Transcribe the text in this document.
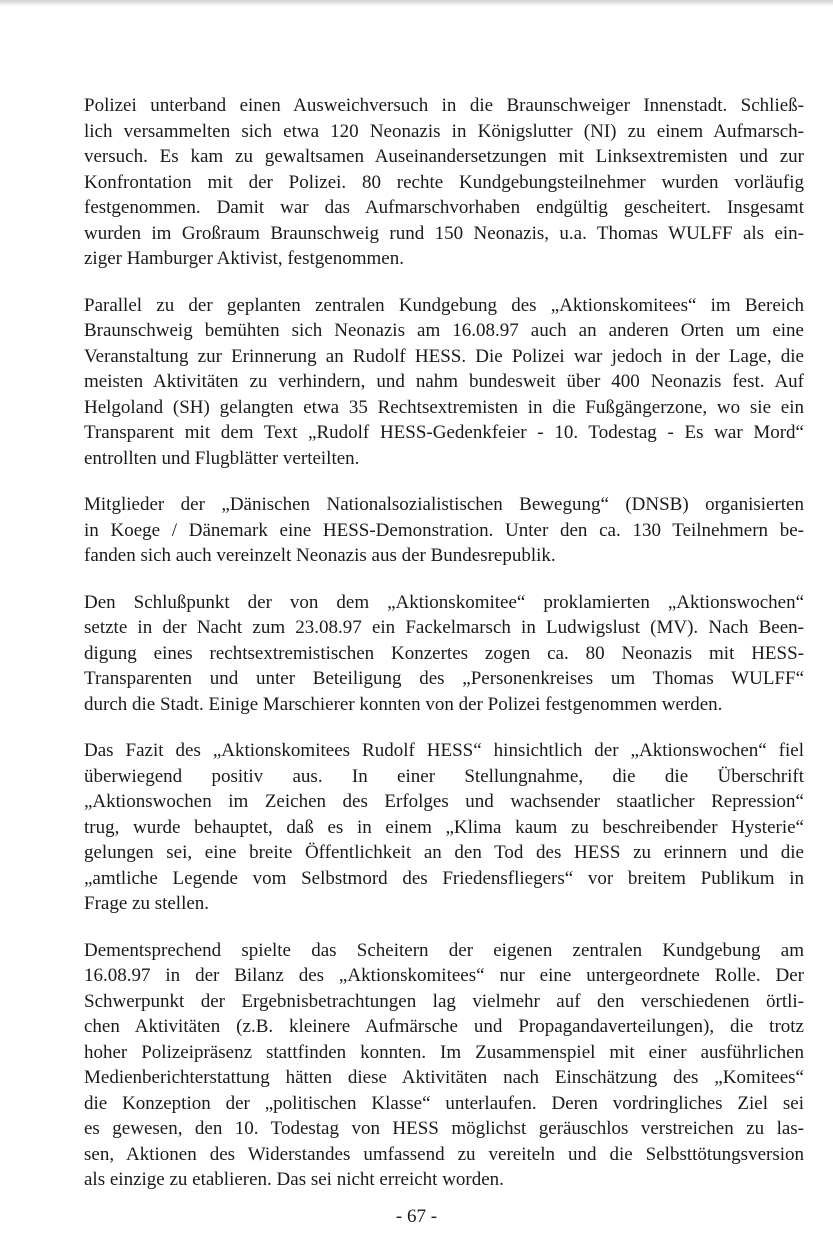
Polizei unterband einen Ausweichversuch in die Braunschweiger Innenstadt. Schließ-
lich versammelten sich etwa 120 Neonazis in Königslutter (NI) zu einem Aufmarsch-
versuch. Es kam zu gewaltsamen Auseinandersetzungen mit Linksextremisten und zur
Konfrontation mit der Polizei. 80 rechte Kundgebungsteilnehmer wurden vorläufig
festgenommen. Damit war das Aufmarschvorhaben endgültig gescheitert. Insgesamt
wurden im Großraum Braunschweig rund 150 Neonazis, u.a. Thomas WULFF als ein-
ziger Hamburger Aktivist, festgenommen.

Parallel zu der geplanten zentralen Kundgebung des „Aktionskomitees“ im Bereich
Braunschweig bemühten sich Neonazis am 16.08.97 auch an anderen Orten um eine
Veranstaltung zur Erinnerung an Rudolf HESS. Die Polizei war jedoch in der Lage, die
meisten Aktivitäten zu verhindern, und nahm bundesweit über 400 Neonazis fest. Auf
Helgoland (SH) gelangten etwa 35 Rechtsextremisten in die Fußgängerzone, wo sie ein
Transparent mit dem Text „Rudolf HESS-Gedenkfeier - 10. Todestag - Es war Mord“
entrollten und Flugblätter verteilten.

Mitglieder der „Dänischen Nationalsozialistischen Bewegung“ (DNSB) organisierten
in Koege / Dänemark eine HESS-Demonstration. Unter den ca. 130 Teilnehmern be-
fanden sich auch vereinzelt Neonazis aus der Bundesrepublik.

Den Schlußpunkt der von dem „Aktionskomitee“ proklamierten „Aktionswochen“
setzte in der Nacht zum 23.08.97 ein Fackelmarsch in Ludwigslust (MV). Nach Been-
digung eines rechtsextremistischen Konzertes zogen ca. 80 Neonazis mit HESS-
Transparenten und unter Beteiligung des „Personenkreises um Thomas WULFF“
durch die Stadt. Einige Marschierer konnten von der Polizei festgenommen werden.

Das Fazit des „Aktionskomitees Rudolf HESS“ hinsichtlich der „Aktionswochen“ fiel
überwiegend positiv aus. In einer Stellungnahme, die die Überschrift
„Aktionswochen im Zeichen des Erfolges und wachsender staatlicher Repression“
trug, wurde behauptet, daß es in einem „Klima kaum zu beschreibender Hysterie“
gelungen sei, eine breite Öffentlichkeit an den Tod des HESS zu erinnern und die
„amtliche Legende vom Selbstmord des Friedensfliegers“ vor breitem Publikum in
Frage zu stellen.

Dementsprechend spielte das Scheitern der eigenen zentralen Kundgebung am
16.08.97 in der Bilanz des „Aktionskomitees“ nur eine untergeordnete Rolle. Der
Schwerpunkt der Ergebnisbetrachtungen lag vielmehr auf den verschiedenen örtli-
chen Aktivitäten (z.B. kleinere Aufmärsche und Propagandaverteilungen), die trotz
hoher Polizeipräsenz stattfinden konnten. Im Zusammenspiel mit einer ausführlichen
Medienberichterstattung hätten diese Aktivitäten nach Einschätzung des „Komitees“
die Konzeption der „politischen Klasse“ unterlaufen. Deren vordringliches Ziel sei
es gewesen, den 10. Todestag von HESS möglichst geräuschlos verstreichen zu las-
sen, Aktionen des Widerstandes umfassend zu vereiteln und die Selbsttötungsversion
als einzige zu etablieren. Das sei nicht erreicht worden.

- 67 -
